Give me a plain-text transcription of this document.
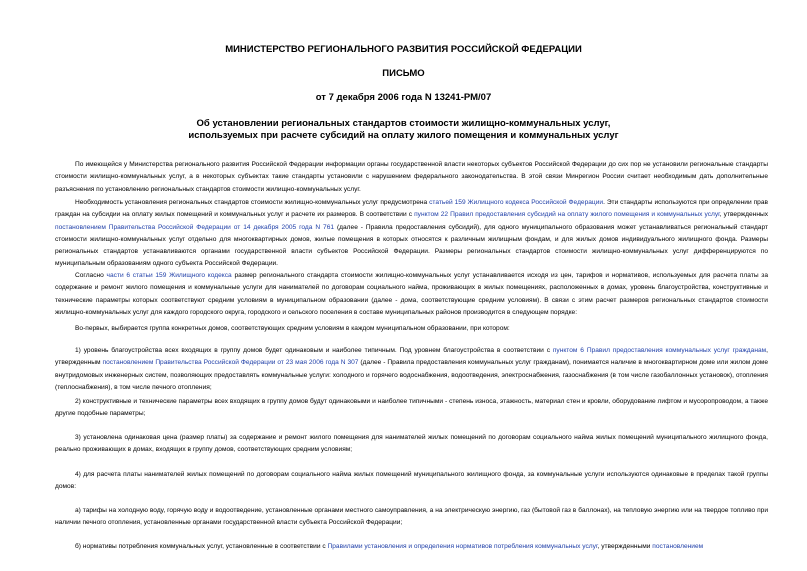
МИНИСТЕРСТВО РЕГИОНАЛЬНОГО РАЗВИТИЯ РОССИЙСКОЙ ФЕДЕРАЦИИ
ПИСЬМО
от 7 декабря 2006 года N 13241-РМ/07
Об установлении региональных стандартов стоимости жилищно-коммунальных услуг,
используемых при расчете субсидий на оплату жилого помещения и коммунальных услуг

По имеющейся у Министерства регионального развития Российской Федерации информации органы государственной власти некоторых субъектов Российской Федерации до сих пор не установили региональные стандарты стоимости жилищно-коммунальных услуг, а в некоторых субъектах такие стандарты установили с нарушением федерального законодательства. В этой связи Минрегион России считает необходимым дать дополнительные разъяснения по установлению региональных стандартов стоимости жилищно-коммунальных услуг.

Необходимость установления региональных стандартов стоимости жилищно-коммунальных услуг предусмотрена статьей 159 Жилищного кодекса Российской Федерации. Эти стандарты используются при определении прав граждан на субсидии на оплату жилых помещений и коммунальных услуг и расчете их размеров. В соответствии с пунктом 22 Правил предоставления субсидий на оплату жилого помещения и коммунальных услуг, утвержденных постановлением Правительства Российской Федерации от 14 декабря 2005 года N 761 (далее - Правила предоставления субсидий), для одного муниципального образования может устанавливаться региональный стандарт стоимости жилищно-коммунальных услуг отдельно для многоквартирных домов, жилые помещения в которых относятся к различным жилищным фондам, и для жилых домов индивидуального жилищного фонда. Размеры региональных стандартов устанавливаются органами государственной власти субъектов Российской Федерации. Размеры региональных стандартов стоимости жилищно-коммунальных услуг дифференцируются по муниципальным образованиям одного субъекта Российской Федерации.

Согласно части 6 статьи 159 Жилищного кодекса размер регионального стандарта стоимости жилищно-коммунальных услуг устанавливается исходя из цен, тарифов и нормативов, используемых для расчета платы за содержание и ремонт жилого помещения и коммунальные услуги для нанимателей по договорам социального найма, проживающих в жилых помещениях, расположенных в домах, уровень благоустройства, конструктивные и технические параметры которых соответствуют средним условиям в муниципальном образовании (далее - дома, соответствующие средним условиям). В связи с этим расчет размеров региональных стандартов стоимости жилищно-коммунальных услуг для каждого городского округа, городского и сельского поселения в составе муниципальных районов производится в следующем порядке:

Во-первых, выбирается группа конкретных домов, соответствующих средним условиям в каждом муниципальном образовании, при котором:

1) уровень благоустройства всех входящих в группу домов будет одинаковым и наиболее типичным. Под уровнем благоустройства в соответствии с пунктом 6 Правил предоставления коммунальных услуг гражданам, утвержденным постановлением Правительства Российской Федерации от 23 мая 2006 года N 307 (далее - Правила предоставления коммунальных услуг гражданам), понимается наличие в многоквартирном доме или жилом доме внутридомовых инженерных систем, позволяющих предоставлять коммунальные услуги: холодного и горячего водоснабжения, водоотведения, электроснабжения, газоснабжения (в том числе газобаллонных установок), отопления (теплоснабжения), в том числе печного отопления;

2) конструктивные и технические параметры всех входящих в группу домов будут одинаковыми и наиболее типичными - степень износа, этажность, материал стен и кровли, оборудование лифтом и мусоропроводом, а также другие подобные параметры;

3) установлена одинаковая цена (размер платы) за содержание и ремонт жилого помещения для нанимателей жилых помещений по договорам социального найма жилых помещений муниципального жилищного фонда, реально проживающих в домах, входящих в группу домов, соответствующих средним условиям;

4) для расчета платы нанимателей жилых помещений по договорам социального найма жилых помещений муниципального жилищного фонда, за коммунальные услуги используются одинаковые в пределах такой группы домов:

а) тарифы на холодную воду, горячую воду и водоотведение, установленные органами местного самоуправления, а на электрическую энергию, газ (бытовой газ в баллонах), на тепловую энергию или на твердое топливо при наличии печного отопления, установленные органами государственной власти субъекта Российской Федерации;

б) нормативы потребления коммунальных услуг, установленные в соответствии с Правилами установления и определения нормативов потребления коммунальных услуг, утвержденными постановлением
